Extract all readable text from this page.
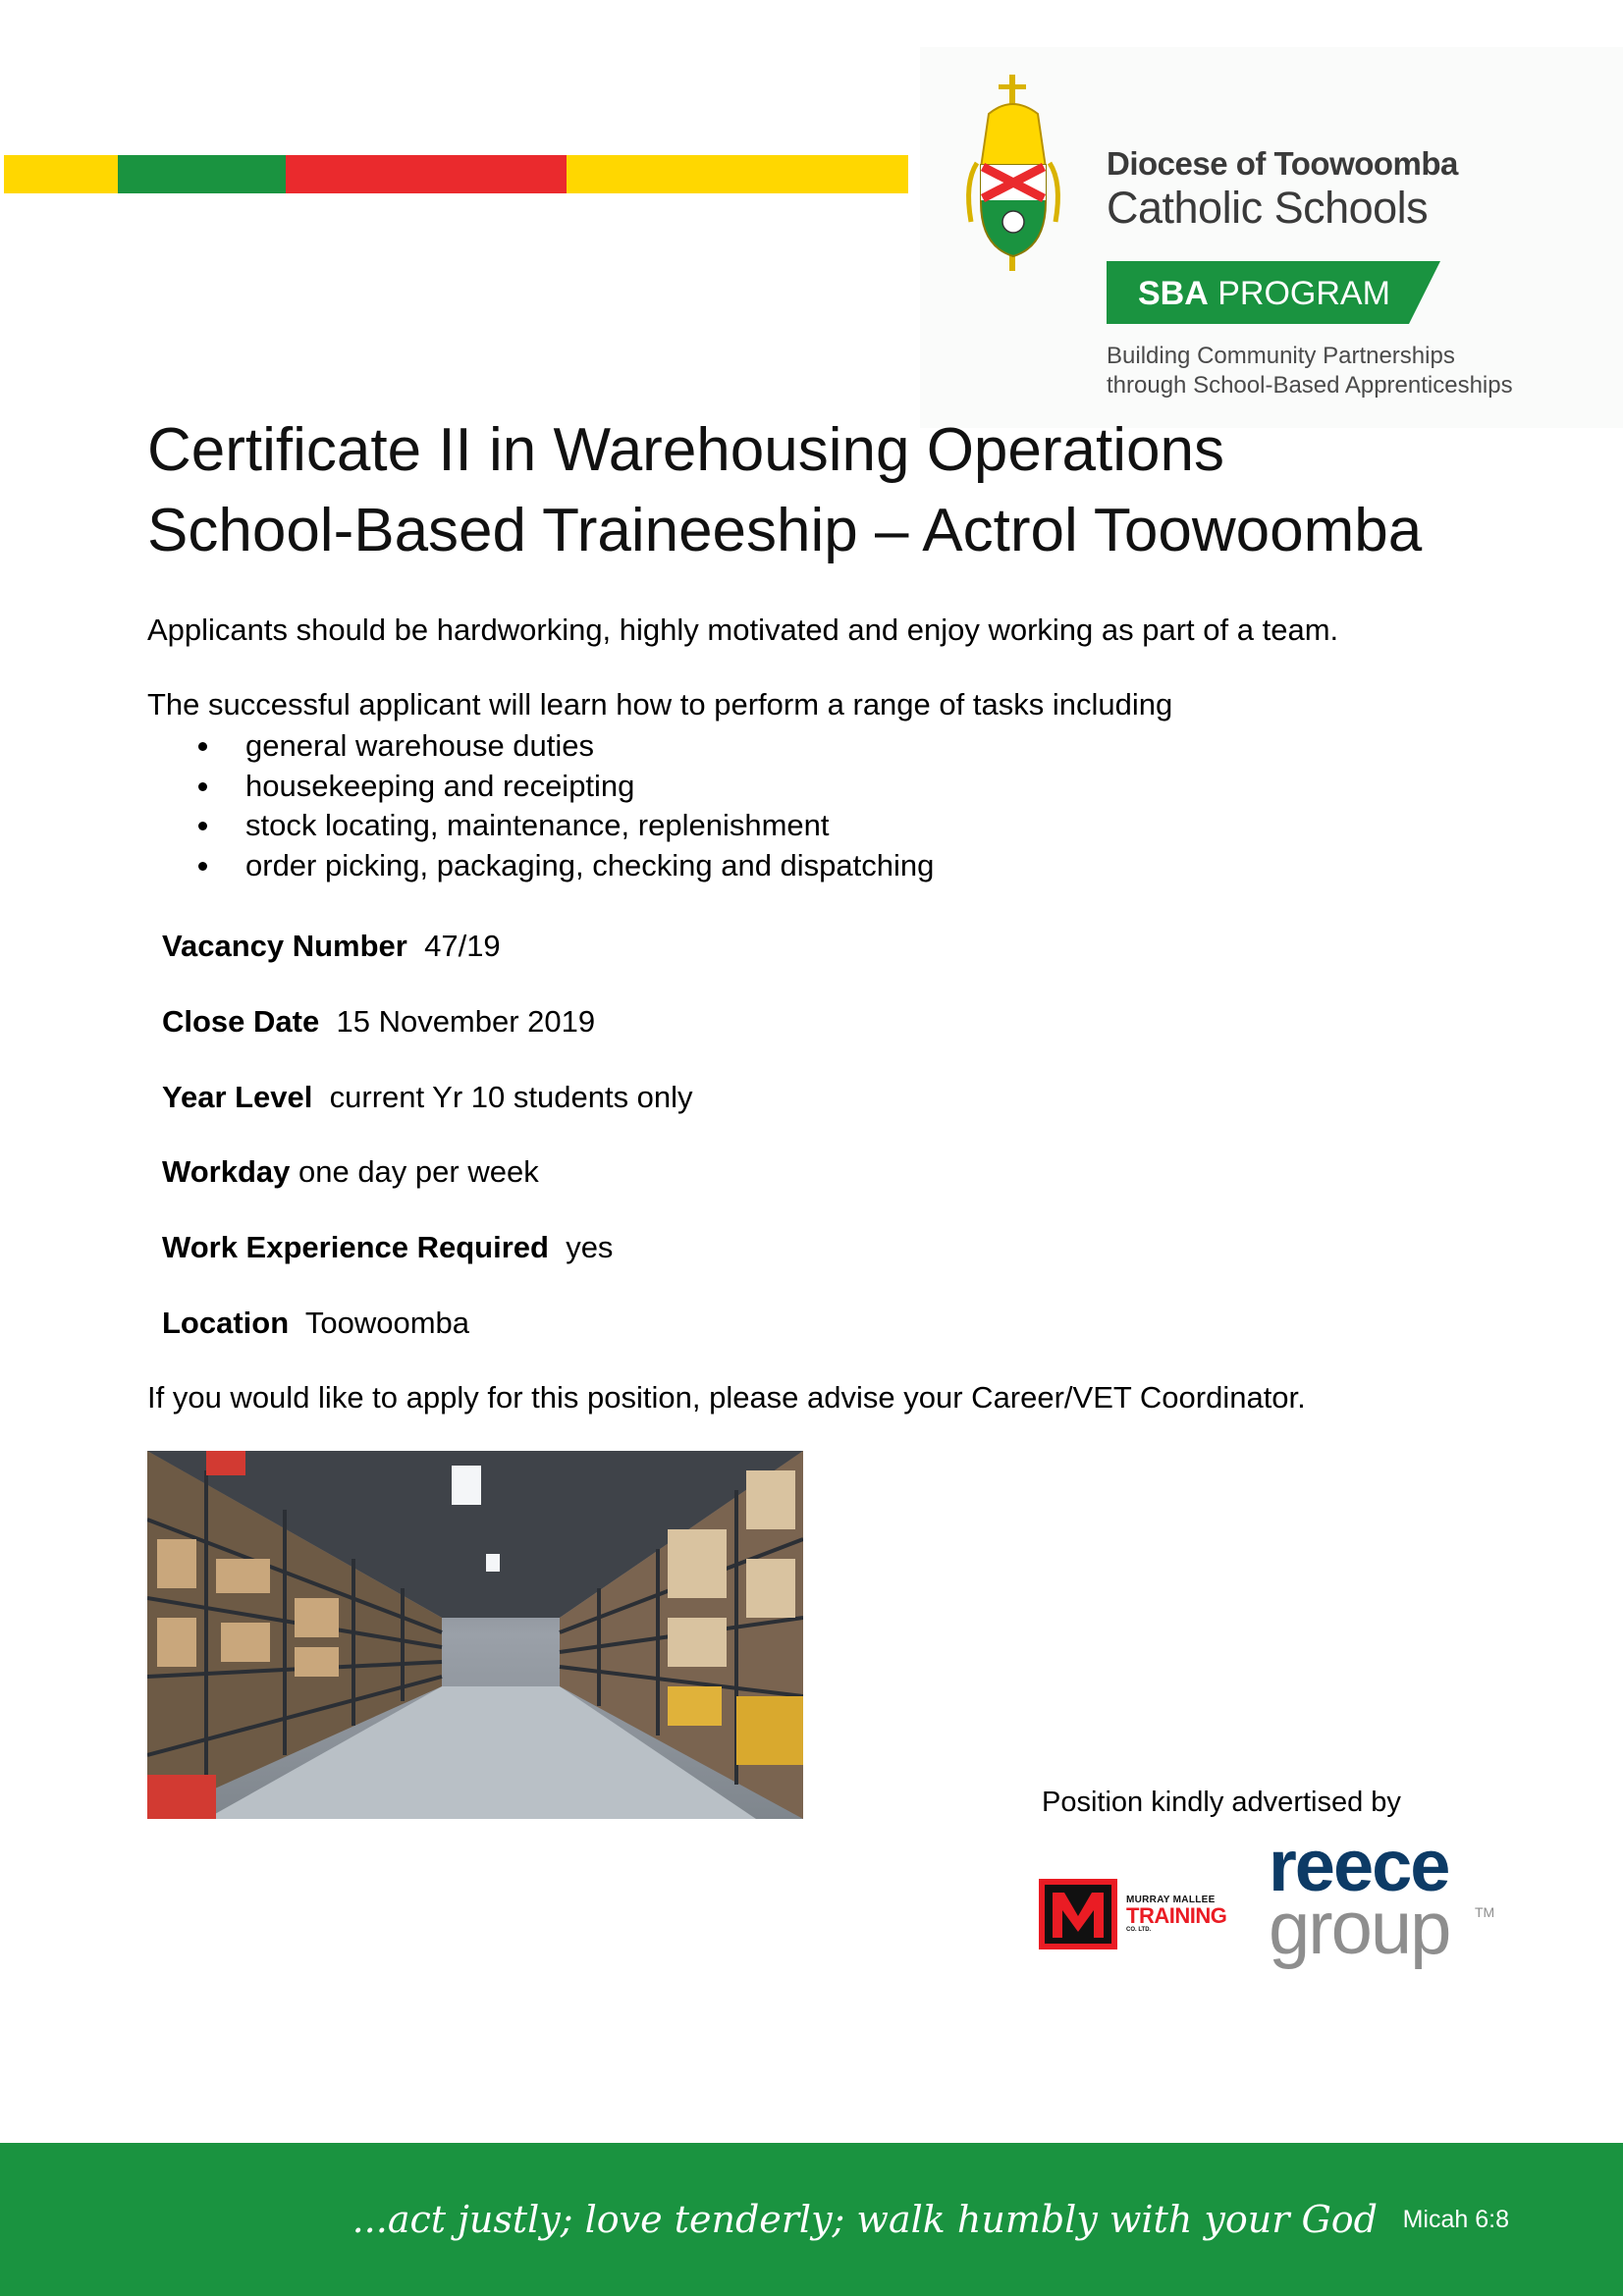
Diocese of Toowoomba
Catholic Schools
SBA PROGRAM
Building Community Partnerships
through School-Based Apprenticeships
Certificate II in Warehousing Operations
School-Based Traineeship – Actrol Toowoomba

Applicants should be hardworking, highly motivated and enjoy working as part of a team.

The successful applicant will learn how to perform a range of tasks including

general warehouse duties
housekeeping and receipting
stock locating, maintenance, replenishment
order picking, packaging, checking and dispatching
Vacancy Number 47/19
Close Date 15 November 2019
Year Level current Yr 10 students only
Workday one day per week
Work Experience Required yes
Location Toowoomba

If you would like to apply for this position, please advise your Career/VET Coordinator.

Position kindly advertised by
MURRAY MALLEE
TRAINING
CO. LTD.
reece
group TM
...act justly; love tenderly; walk humbly with your God Micah 6:8
